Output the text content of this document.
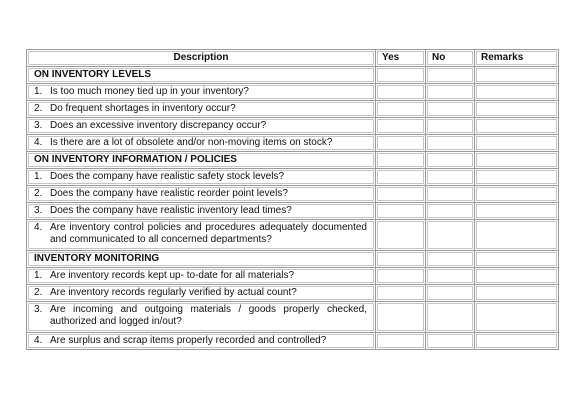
Description	Yes	No	Remarks

ON INVENTORY LEVELS			

1. Is too much money tied up in your inventory?			

2. Do frequent shortages in inventory occur?			

3. Does an excessive inventory discrepancy occur?			

4. Is there are a lot of obsolete and/or non-moving items on stock?			

ON INVENTORY INFORMATION / POLICIES			

1. Does the company have realistic safety stock levels?			

2. Does the company have realistic reorder point levels?			

3. Does the company have realistic inventory lead times?			

4. Are inventory control policies and procedures adequately documented and communicated to all concerned departments?			

INVENTORY MONITORING			

1. Are inventory records kept up- to-date for all materials?			

2. Are inventory records regularly verified by actual count?			

3. Are incoming and outgoing materials / goods properly checked, authorized and logged in/out?			

4. Are surplus and scrap items properly recorded and controlled?			
